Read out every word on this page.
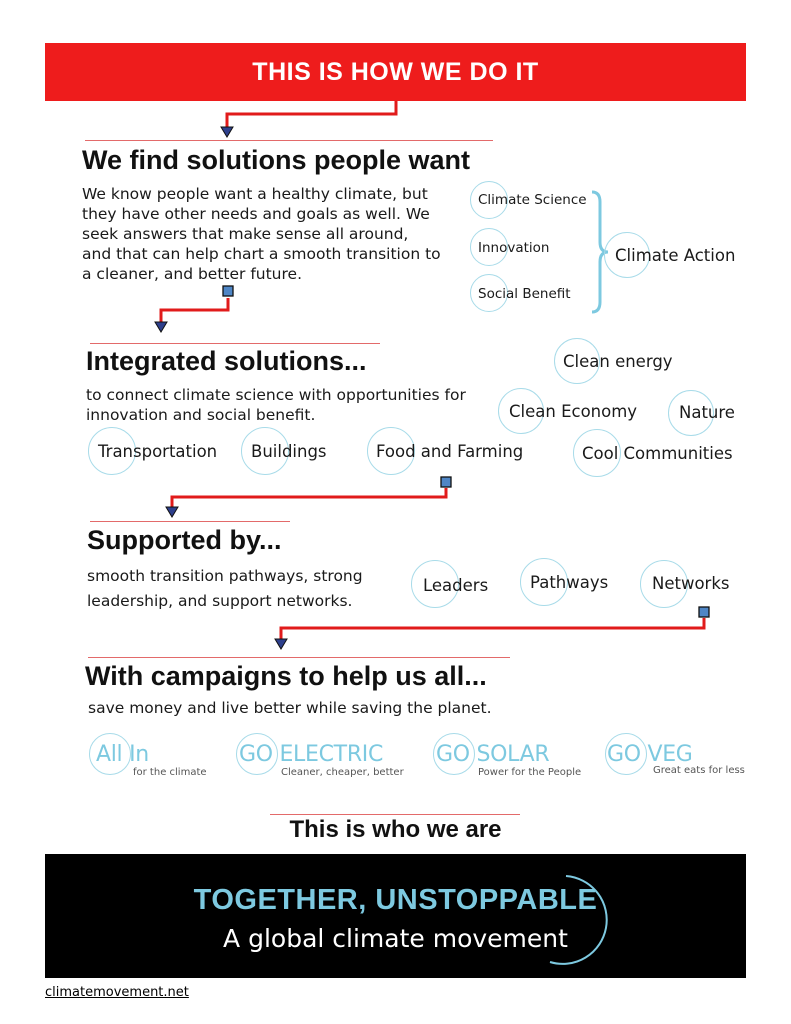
THIS IS HOW WE DO IT
We find solutions people want
We know people want a healthy climate, but they have other needs and goals as well. We seek answers that make sense all around, and that can help chart a smooth transition to a cleaner, and better future.
Climate Science
Innovation
Social Benefit
Climate Action
Integrated solutions...
to connect climate science with opportunities for innovation and social benefit.
Transportation Buildings	Food and Farming
Clean energy
Clean Economy	Nature
Cool Communities
Supported by...
smooth transition pathways, strong leadership, and support networks.
Leaders	Pathways	Networks
With campaigns to help us all...
save money and live better while saving the planet.
All In
for the climate
GO ELECTRIC
Cleaner, cheaper, better
GO SOLAR
Power for the People
GO VEG
Great eats for less
This is who we are
TOGETHER, UNSTOPPABLE
A global climate movement
climatemovement.net
